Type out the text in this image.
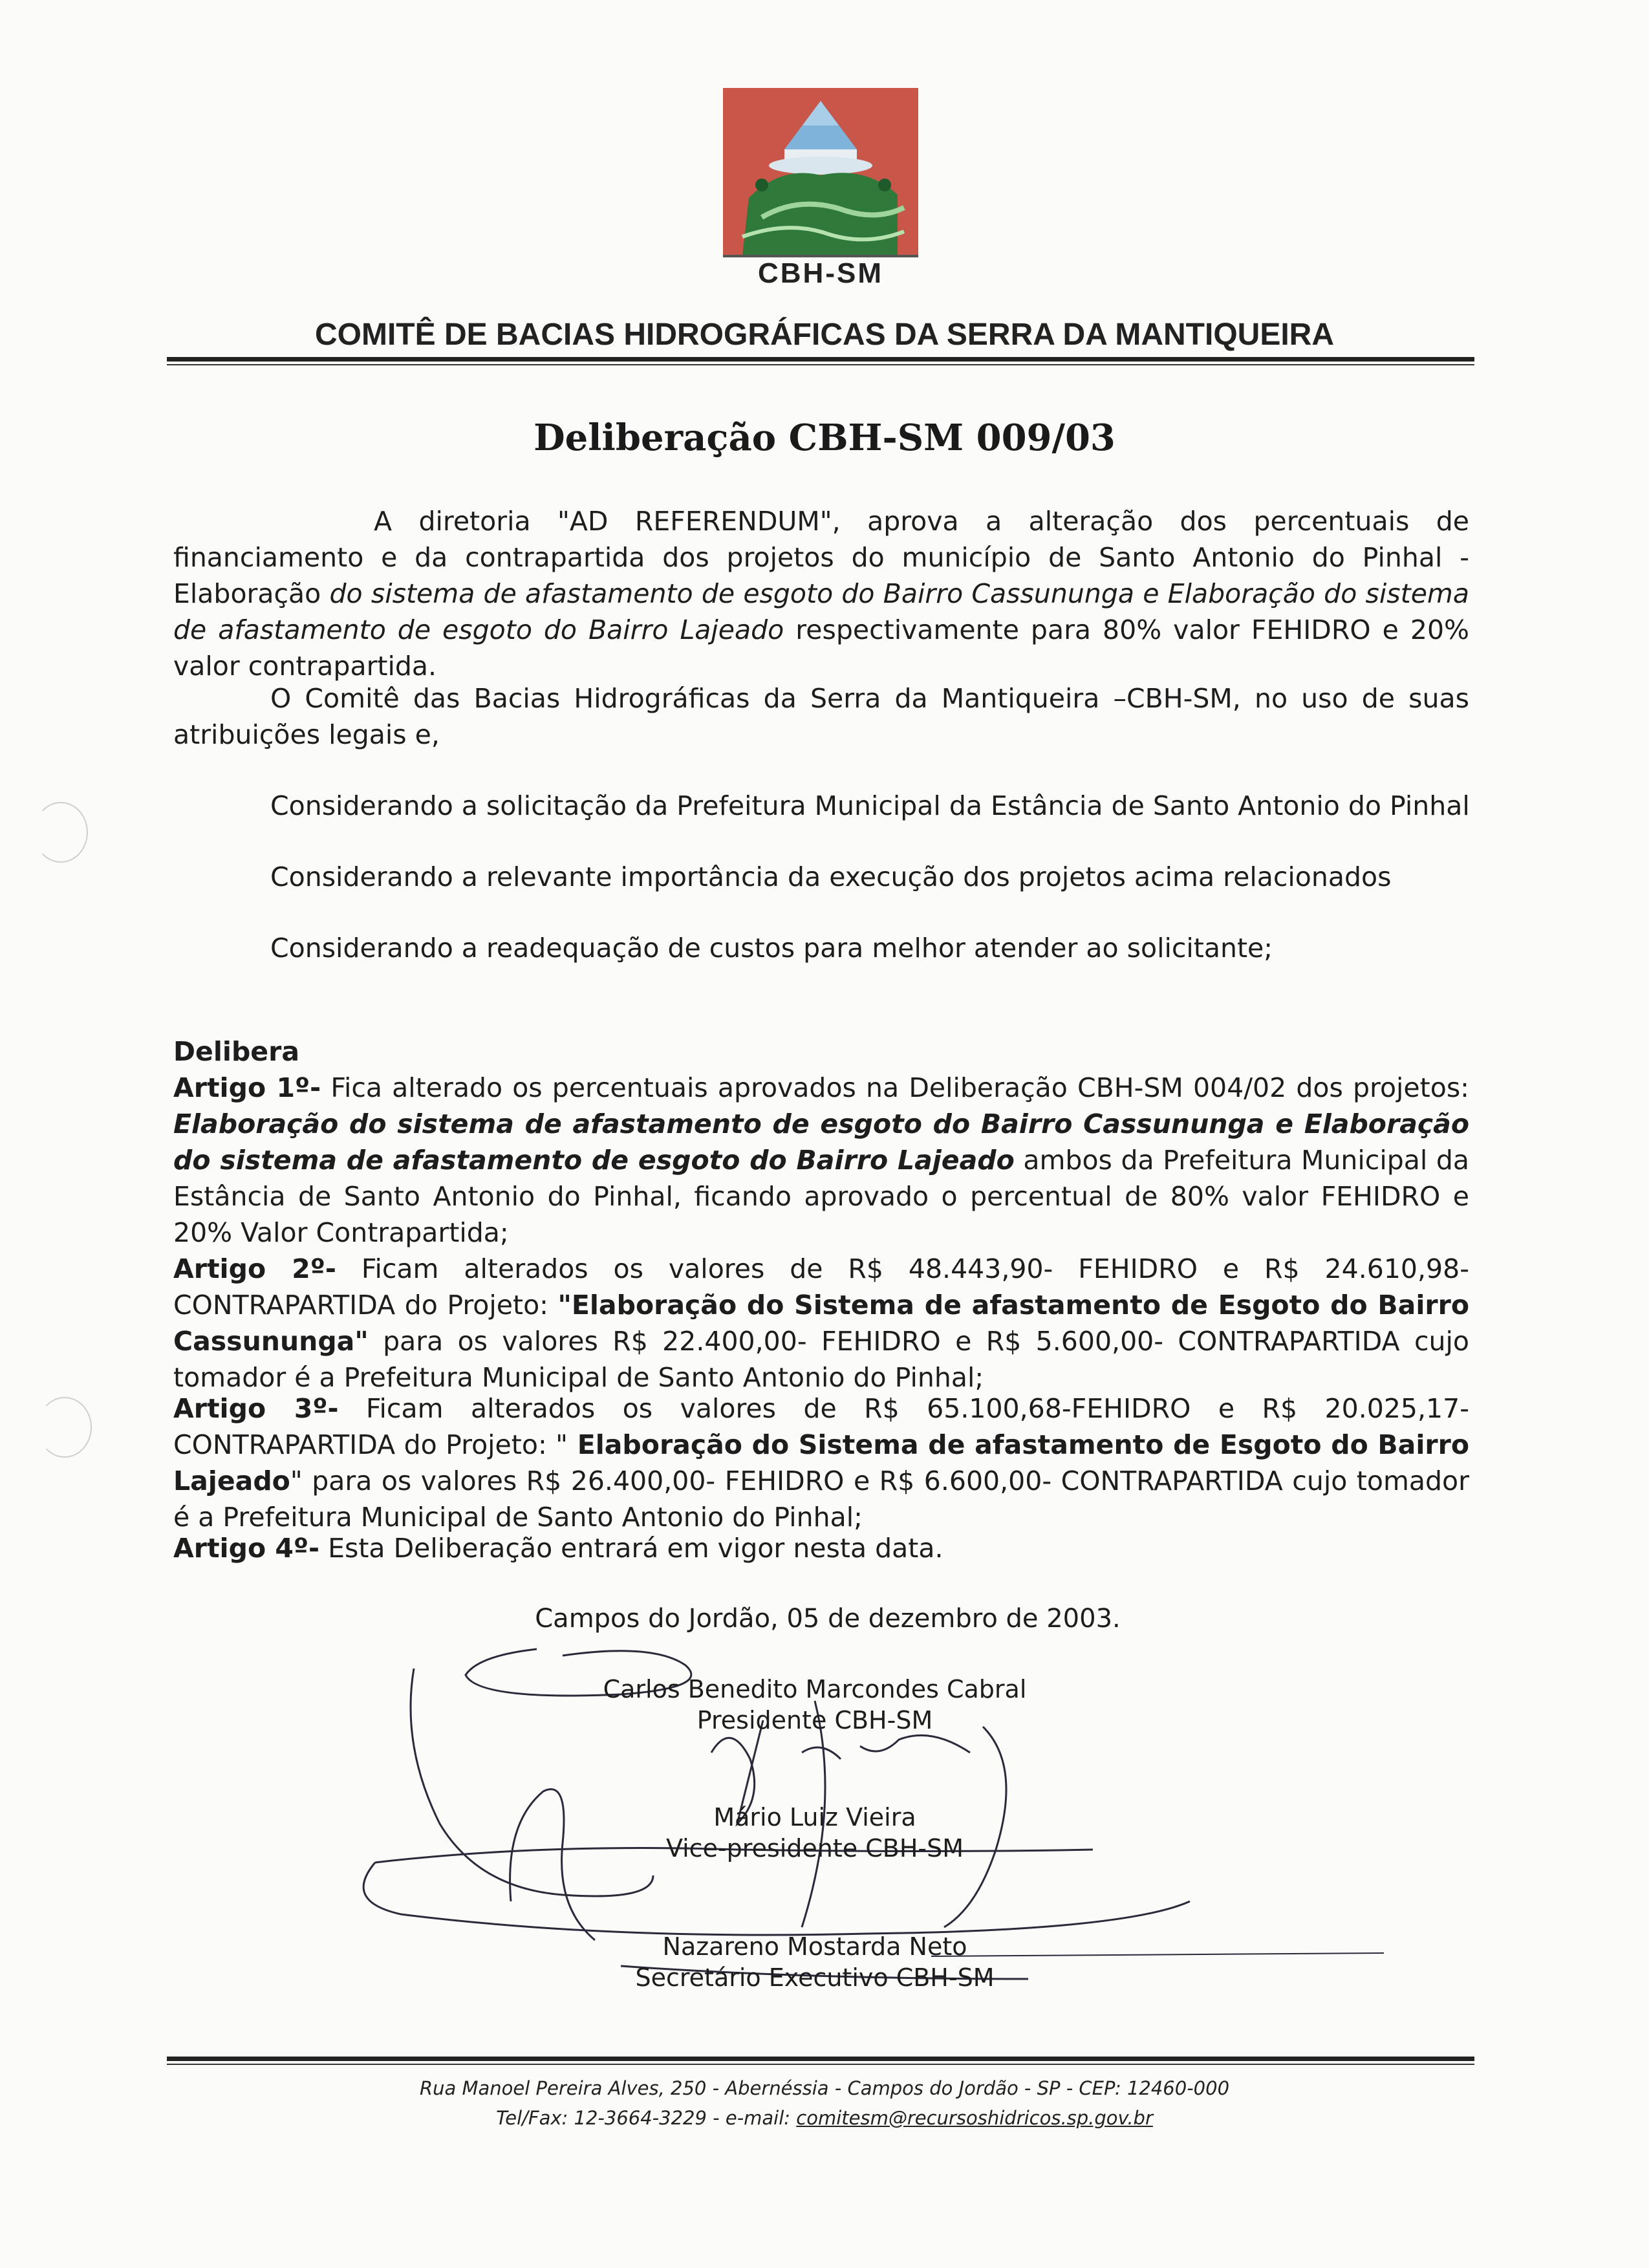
CBH-SM
COMITÊ DE BACIAS HIDROGRÁFICAS DA SERRA DA MANTIQUEIRA
Deliberação CBH-SM 009/03
A diretoria "AD REFERENDUM", aprova a alteração dos percentuais de financiamento e da contrapartida dos projetos do município de Santo Antonio do Pinhal - Elaboração do sistema de afastamento de esgoto do Bairro Cassununga e Elaboração do sistema de afastamento de esgoto do Bairro Lajeado respectivamente para 80% valor FEHIDRO e 20% valor contrapartida.
O Comitê das Bacias Hidrográficas da Serra da Mantiqueira –CBH-SM, no uso de suas atribuições legais e,
Considerando a solicitação da Prefeitura Municipal da Estância de Santo Antonio do Pinhal
Considerando a relevante importância da execução dos projetos acima relacionados
Considerando a readequação de custos para melhor atender ao solicitante;
Delibera
Artigo 1º- Fica alterado os percentuais aprovados na Deliberação CBH-SM 004/02 dos projetos: Elaboração do sistema de afastamento de esgoto do Bairro Cassununga e Elaboração do sistema de afastamento de esgoto do Bairro Lajeado ambos da Prefeitura Municipal da Estância de Santo Antonio do Pinhal, ficando aprovado o percentual de 80% valor FEHIDRO e 20% Valor Contrapartida;
Artigo 2º- Ficam alterados os valores de R$ 48.443,90- FEHIDRO e R$ 24.610,98- CONTRAPARTIDA do Projeto: "Elaboração do Sistema de afastamento de Esgoto do Bairro Cassununga" para os valores R$ 22.400,00- FEHIDRO e R$ 5.600,00- CONTRAPARTIDA cujo tomador é a Prefeitura Municipal de Santo Antonio do Pinhal;
Artigo 3º- Ficam alterados os valores de R$ 65.100,68-FEHIDRO e R$ 20.025,17- CONTRAPARTIDA do Projeto: " Elaboração do Sistema de afastamento de Esgoto do Bairro Lajeado" para os valores R$ 26.400,00- FEHIDRO e R$ 6.600,00- CONTRAPARTIDA cujo tomador é a Prefeitura Municipal de Santo Antonio do Pinhal;
Artigo 4º- Esta Deliberação entrará em vigor nesta data.
Campos do Jordão, 05 de dezembro de 2003.
Carlos Benedito Marcondes Cabral
Presidente CBH-SM
Mário Luiz Vieira
Vice-presidente CBH-SM
Nazareno Mostarda Neto
Secretário Executivo CBH-SM
Rua Manoel Pereira Alves, 250 - Abernéssia - Campos do Jordão - SP - CEP: 12460-000
Tel/Fax: 12-3664-3229 - e-mail: comitesm@recursoshidricos.sp.gov.br
